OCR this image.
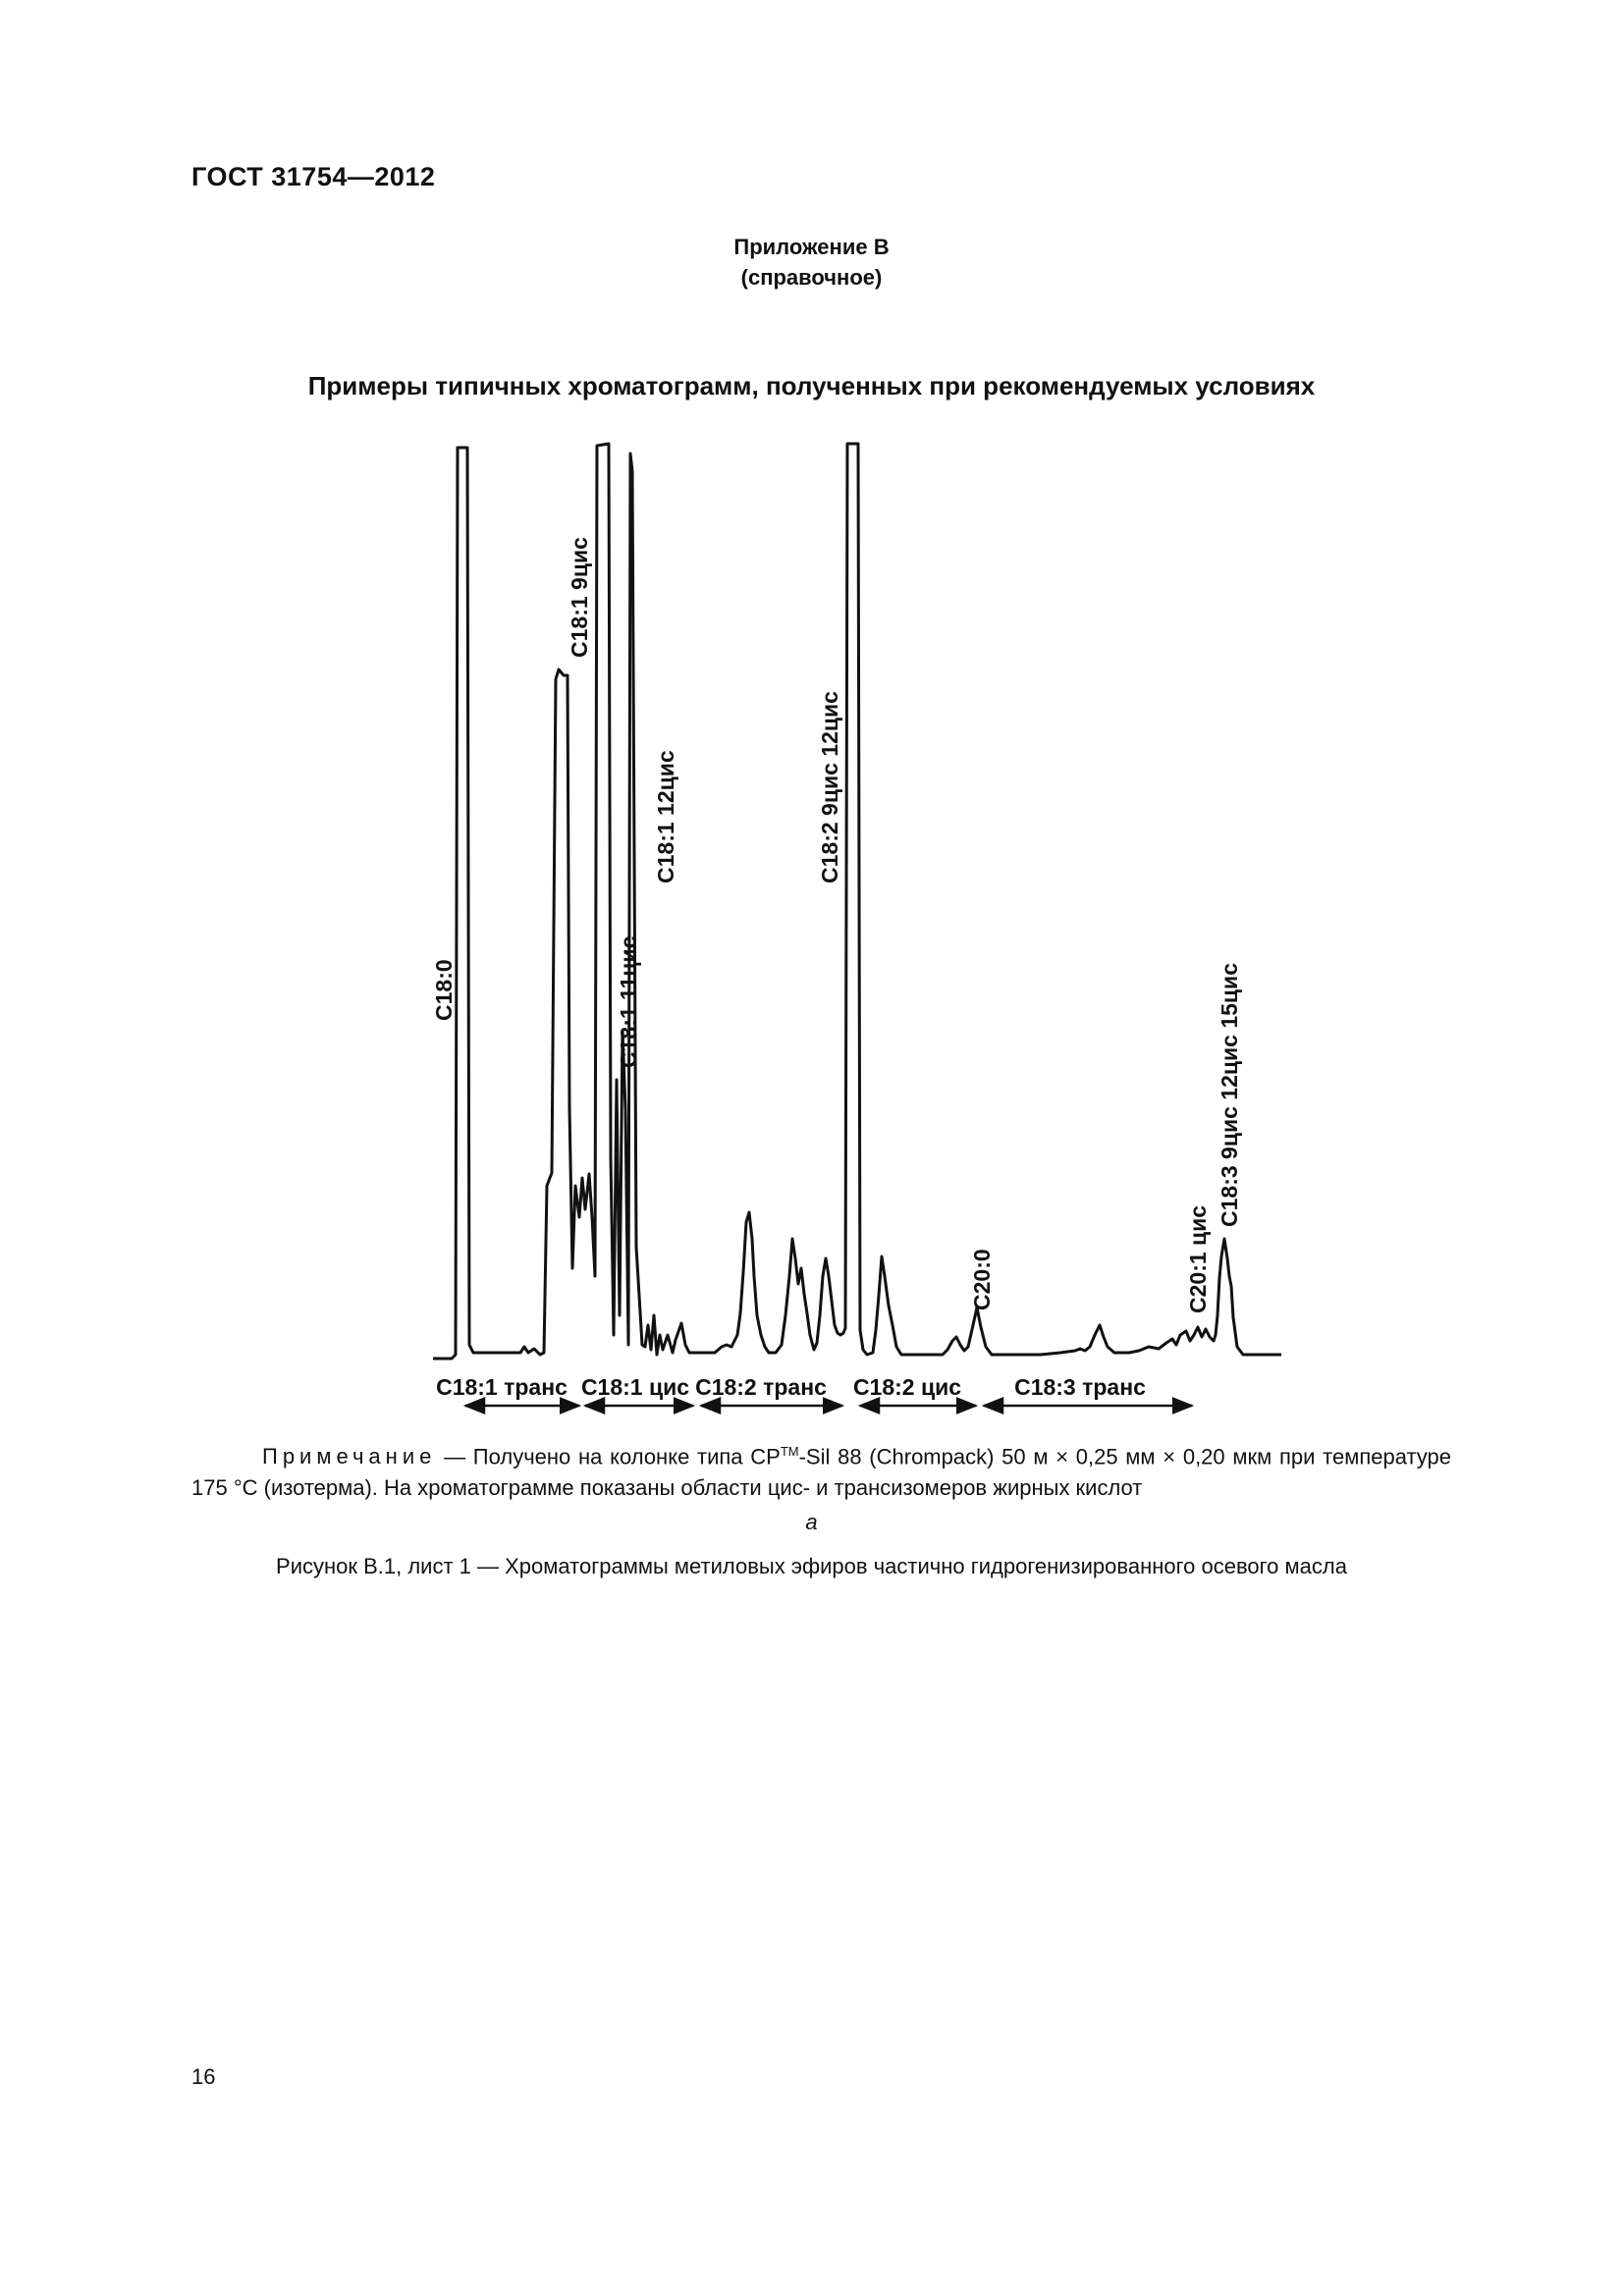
ГОСТ 31754—2012
Приложение В
(справочное)
Примеры типичных хроматограмм, полученных при рекомендуемых условиях
C18:0
C18:1 9цис
C18:1 11цис
C18:1 12цис	C18:2 9цис 12цис
C20:0	C20:1 цис
C18:3 9цис 12цис 15цис
C18:1 транс C18:1 цис C18:2 транс C18:2 цис C18:3 транс
Примечание — Получено на колонке типа CP™-Sil 88 (Chrompack) 50 м × 0,25 мм × 0,20 мкм при температуре 175 °C (изотерма). На хроматограмме показаны области цис- и трансизомеров жирных кислот
а
Рисунок В.1, лист 1 — Хроматограммы метиловых эфиров частично гидрогенизированного осевого масла
16
